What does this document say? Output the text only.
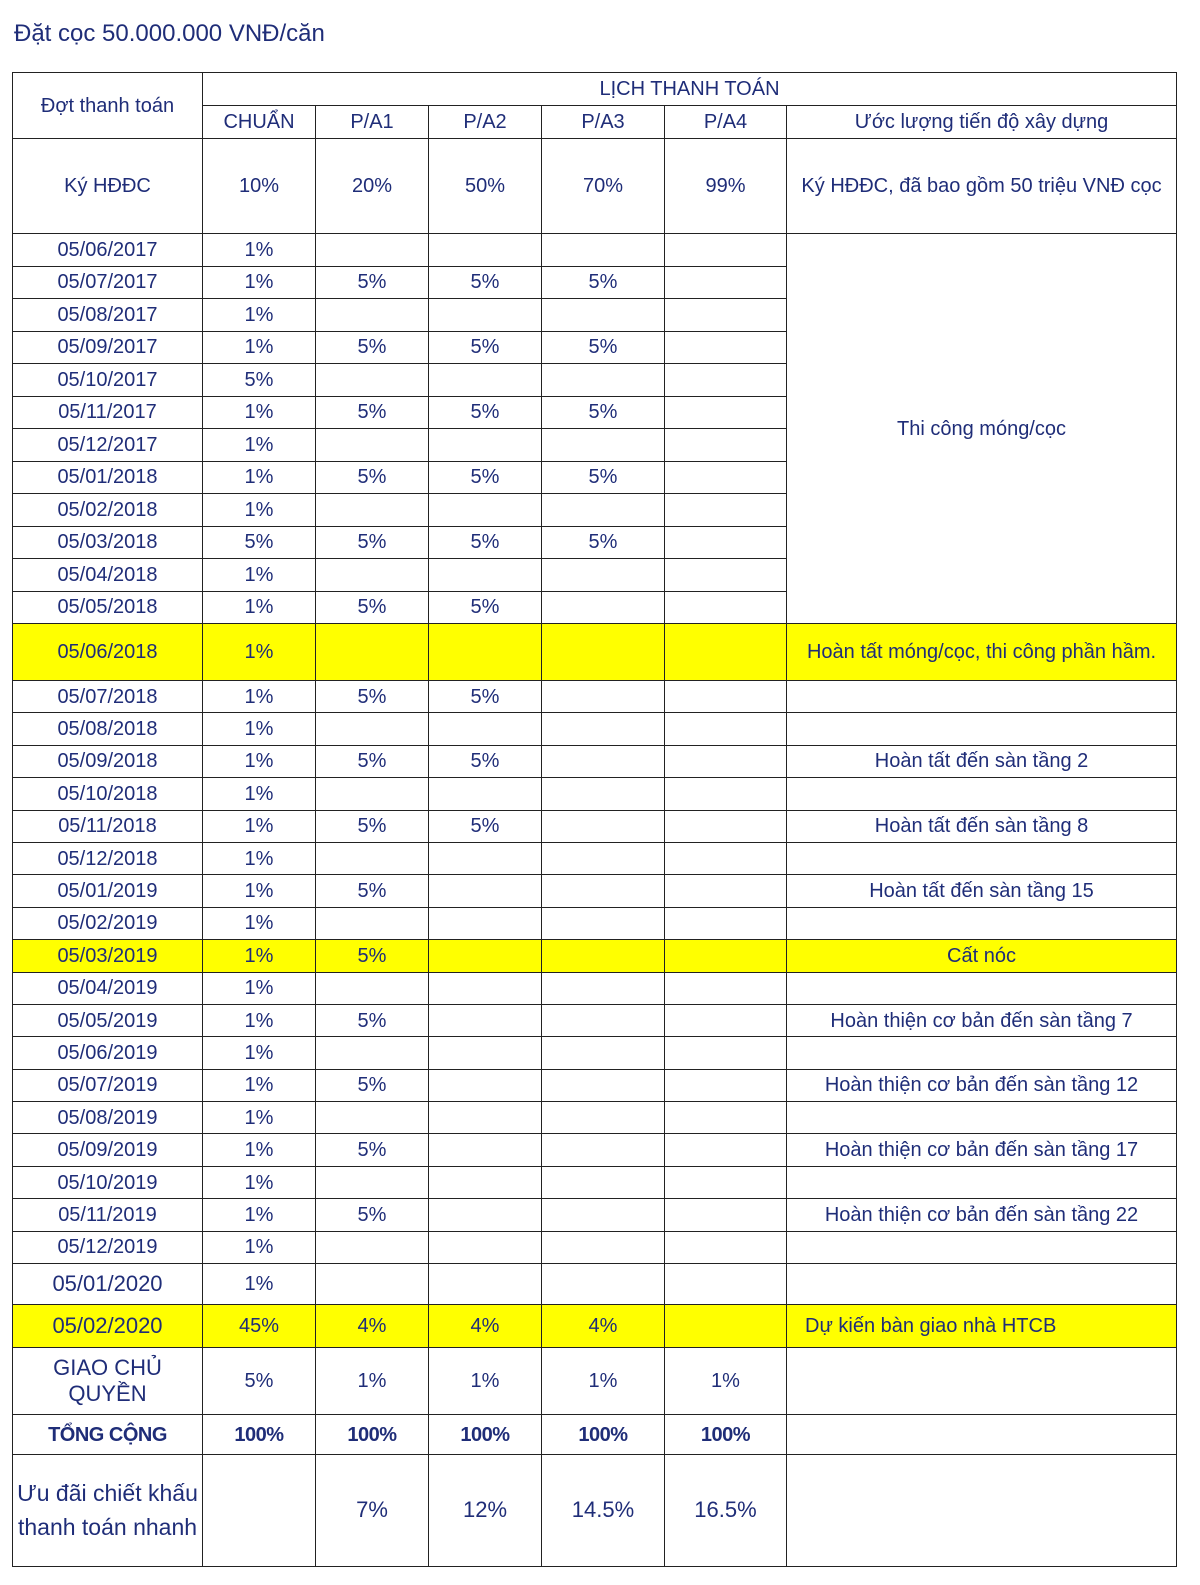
Đặt cọc 50.000.000 VNĐ/căn
Đợt thanh toán	LỊCH THANH TOÁN					
	CHUẨN	P/A1	P/A2	P/A3	P/A4	Ước lượng tiến độ xây dựng
Ký HĐĐC	10%	20%	50%	70%	99%	Ký HĐĐC, đã bao gồm 50 triệu VNĐ cọc
05/06/2017	1%					Thi công móng/cọc
05/07/2017	1%	5%	5%	5%		
05/08/2017	1%					
05/09/2017	1%	5%	5%	5%		
05/10/2017	5%					
05/11/2017	1%	5%	5%	5%		
05/12/2017	1%					
05/01/2018	1%	5%	5%	5%		
05/02/2018	1%					
05/03/2018	5%	5%	5%	5%		
05/04/2018	1%					
05/05/2018	1%	5%	5%			
05/06/2018	1%					Hoàn tất móng/cọc, thi công phần hầm.
05/07/2018	1%	5%	5%			
05/08/2018	1%					
05/09/2018	1%	5%	5%			Hoàn tất đến sàn tầng 2
05/10/2018	1%					
05/11/2018	1%	5%	5%			Hoàn tất đến sàn tầng 8
05/12/2018	1%					
05/01/2019	1%	5%				Hoàn tất đến sàn tầng 15
05/02/2019	1%					
05/03/2019	1%	5%				Cất nóc
05/04/2019	1%					
05/05/2019	1%	5%				Hoàn thiện cơ bản đến sàn tầng 7
05/06/2019	1%					
05/07/2019	1%	5%				Hoàn thiện cơ bản đến sàn tầng 12
05/08/2019	1%					
05/09/2019	1%	5%				Hoàn thiện cơ bản đến sàn tầng 17
05/10/2019	1%					
05/11/2019	1%	5%				Hoàn thiện cơ bản đến sàn tầng 22
05/12/2019	1%					
05/01/2020	1%					
05/02/2020	45%	4%	4%	4%		Dự kiến bàn giao nhà HTCB
GIAO CHỦ QUYỀN	5%	1%	1%	1%	1%	
TỔNG CỘNG	100%	100%	100%	100%	100%	
Ưu đãi chiết khấu thanh toán nhanh		7%	12%	14.5%	16.5%	
